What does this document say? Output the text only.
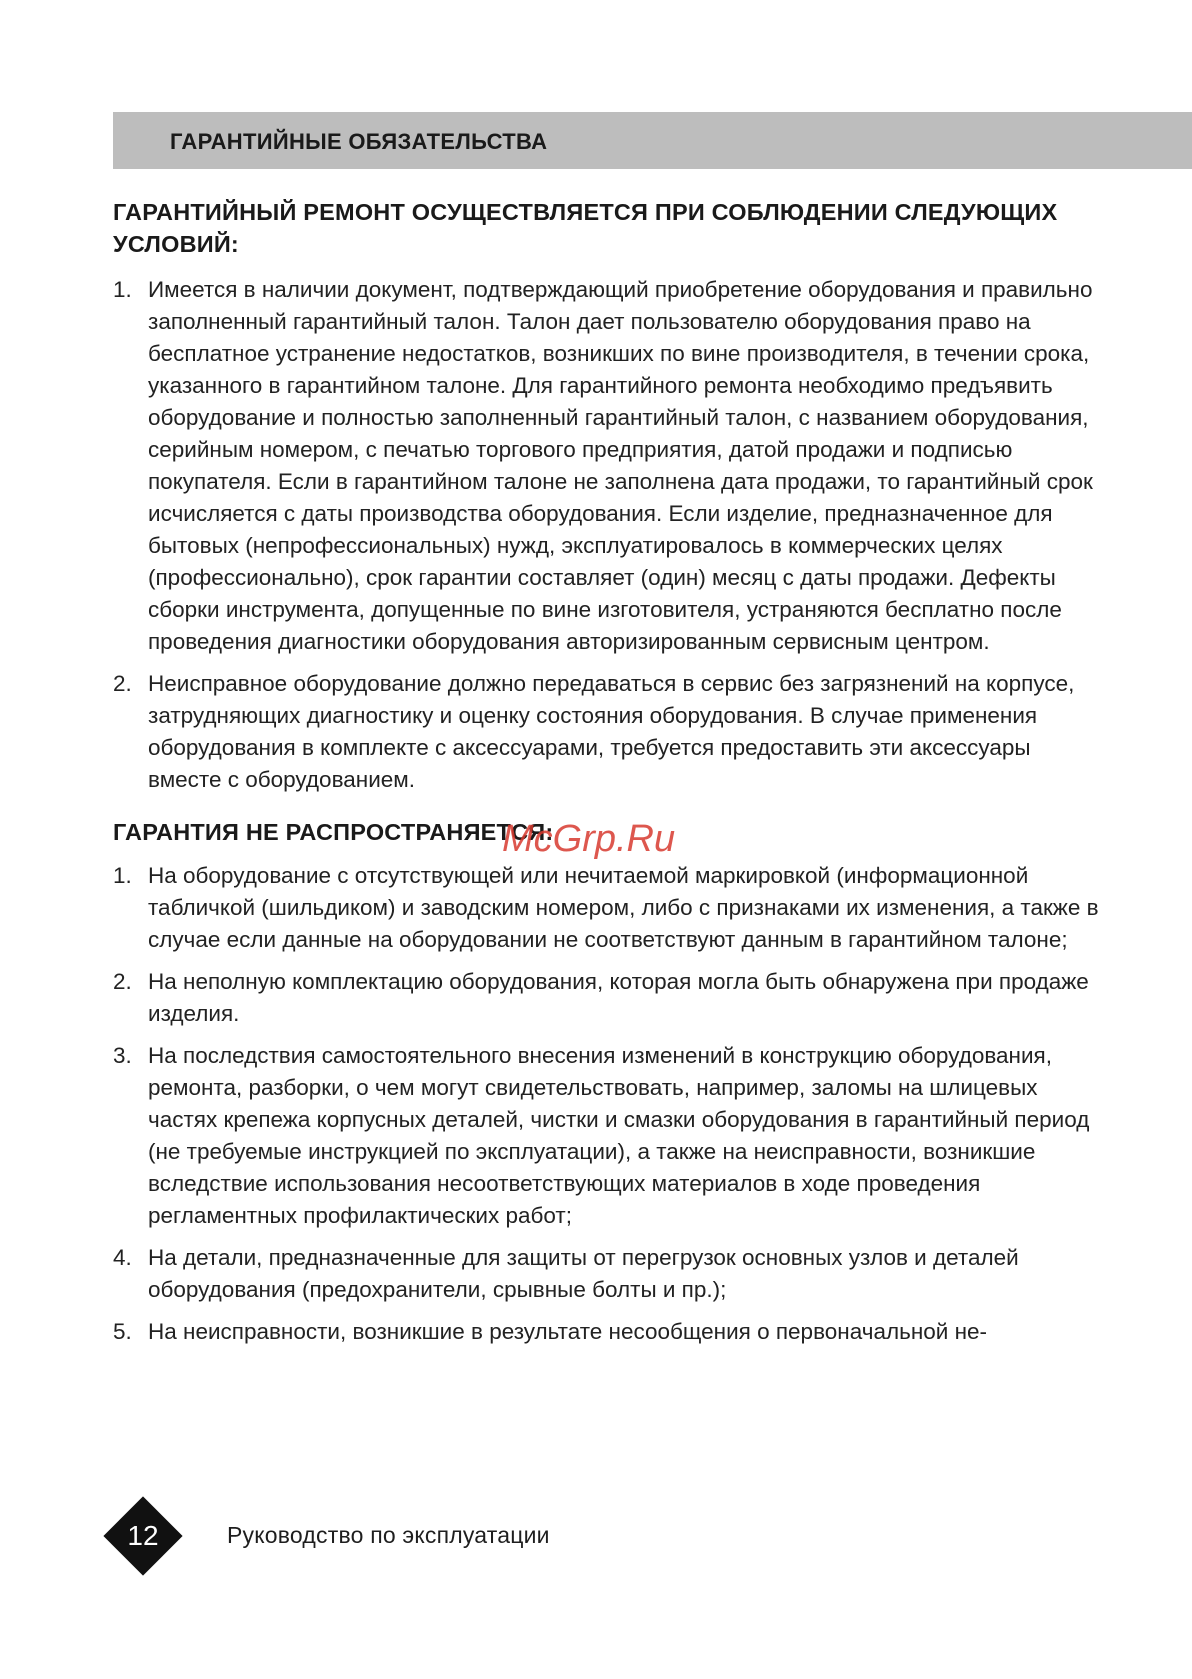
ГАРАНТИЙНЫЕ ОБЯЗАТЕЛЬСТВА
ГАРАНТИЙНЫЙ РЕМОНТ ОСУЩЕСТВЛЯЕТСЯ ПРИ СОБЛЮДЕНИИ СЛЕДУЮЩИХ УСЛОВИЙ:
1. Имеется в наличии документ, подтверждающий приобретение оборудования и правильно заполненный гарантийный талон. Талон дает пользователю оборудования право на бесплатное устранение недостатков, возникших по вине производителя, в течении срока, указанного в гарантийном талоне. Для гарантийного ремонта необходимо предъявить оборудование и полностью заполненный гарантийный талон, с названием оборудования, серийным номером, с печатью торгового предприятия, датой продажи и подписью покупателя. Если в гарантийном талоне не заполнена дата продажи, то гарантийный срок исчисляется с даты производства оборудования. Если изделие, предназначенное для бытовых (непрофессиональных) нужд, эксплуатировалось в коммерческих целях (профессионально), срок гарантии составляет (один) месяц с даты продажи. Дефекты сборки инструмента, допущенные по вине изготовителя, устраняются бесплатно после проведения диагностики оборудования авторизированным сервисным центром.
2. Неисправное оборудование должно передаваться в сервис без загрязнений на корпусе, затрудняющих диагностику и оценку состояния оборудования. В случае применения оборудования в комплекте с аксессуарами, требуется предоставить эти аксессуары вместе с оборудованием.
ГАРАНТИЯ НЕ РАСПРОСТРАНЯЕТСЯ:
1. На оборудование с отсутствующей или нечитаемой маркировкой (информационной табличкой (шильдиком) и заводским номером, либо с признаками их изменения, а также в случае если данные на оборудовании не соответствуют данным в гарантийном талоне;
2. На неполную комплектацию оборудования, которая могла быть обнаружена при продаже изделия.
3. На последствия самостоятельного внесения изменений в конструкцию оборудования, ремонта, разборки, о чем могут свидетельствовать, например, заломы на шлицевых частях крепежа корпусных деталей, чистки и смазки оборудования в гарантийный период (не требуемые инструкцией по эксплуатации), а также на неисправности, возникшие вследствие использования несоответствующих материалов в ходе проведения регламентных профилактических работ;
4. На детали, предназначенные для защиты от перегрузок основных узлов и деталей оборудования (предохранители, срывные болты и пр.);
5. На неисправности, возникшие в результате несообщения о первоначальной не-
McGrp.Ru
12	Руководство по эксплуатации
